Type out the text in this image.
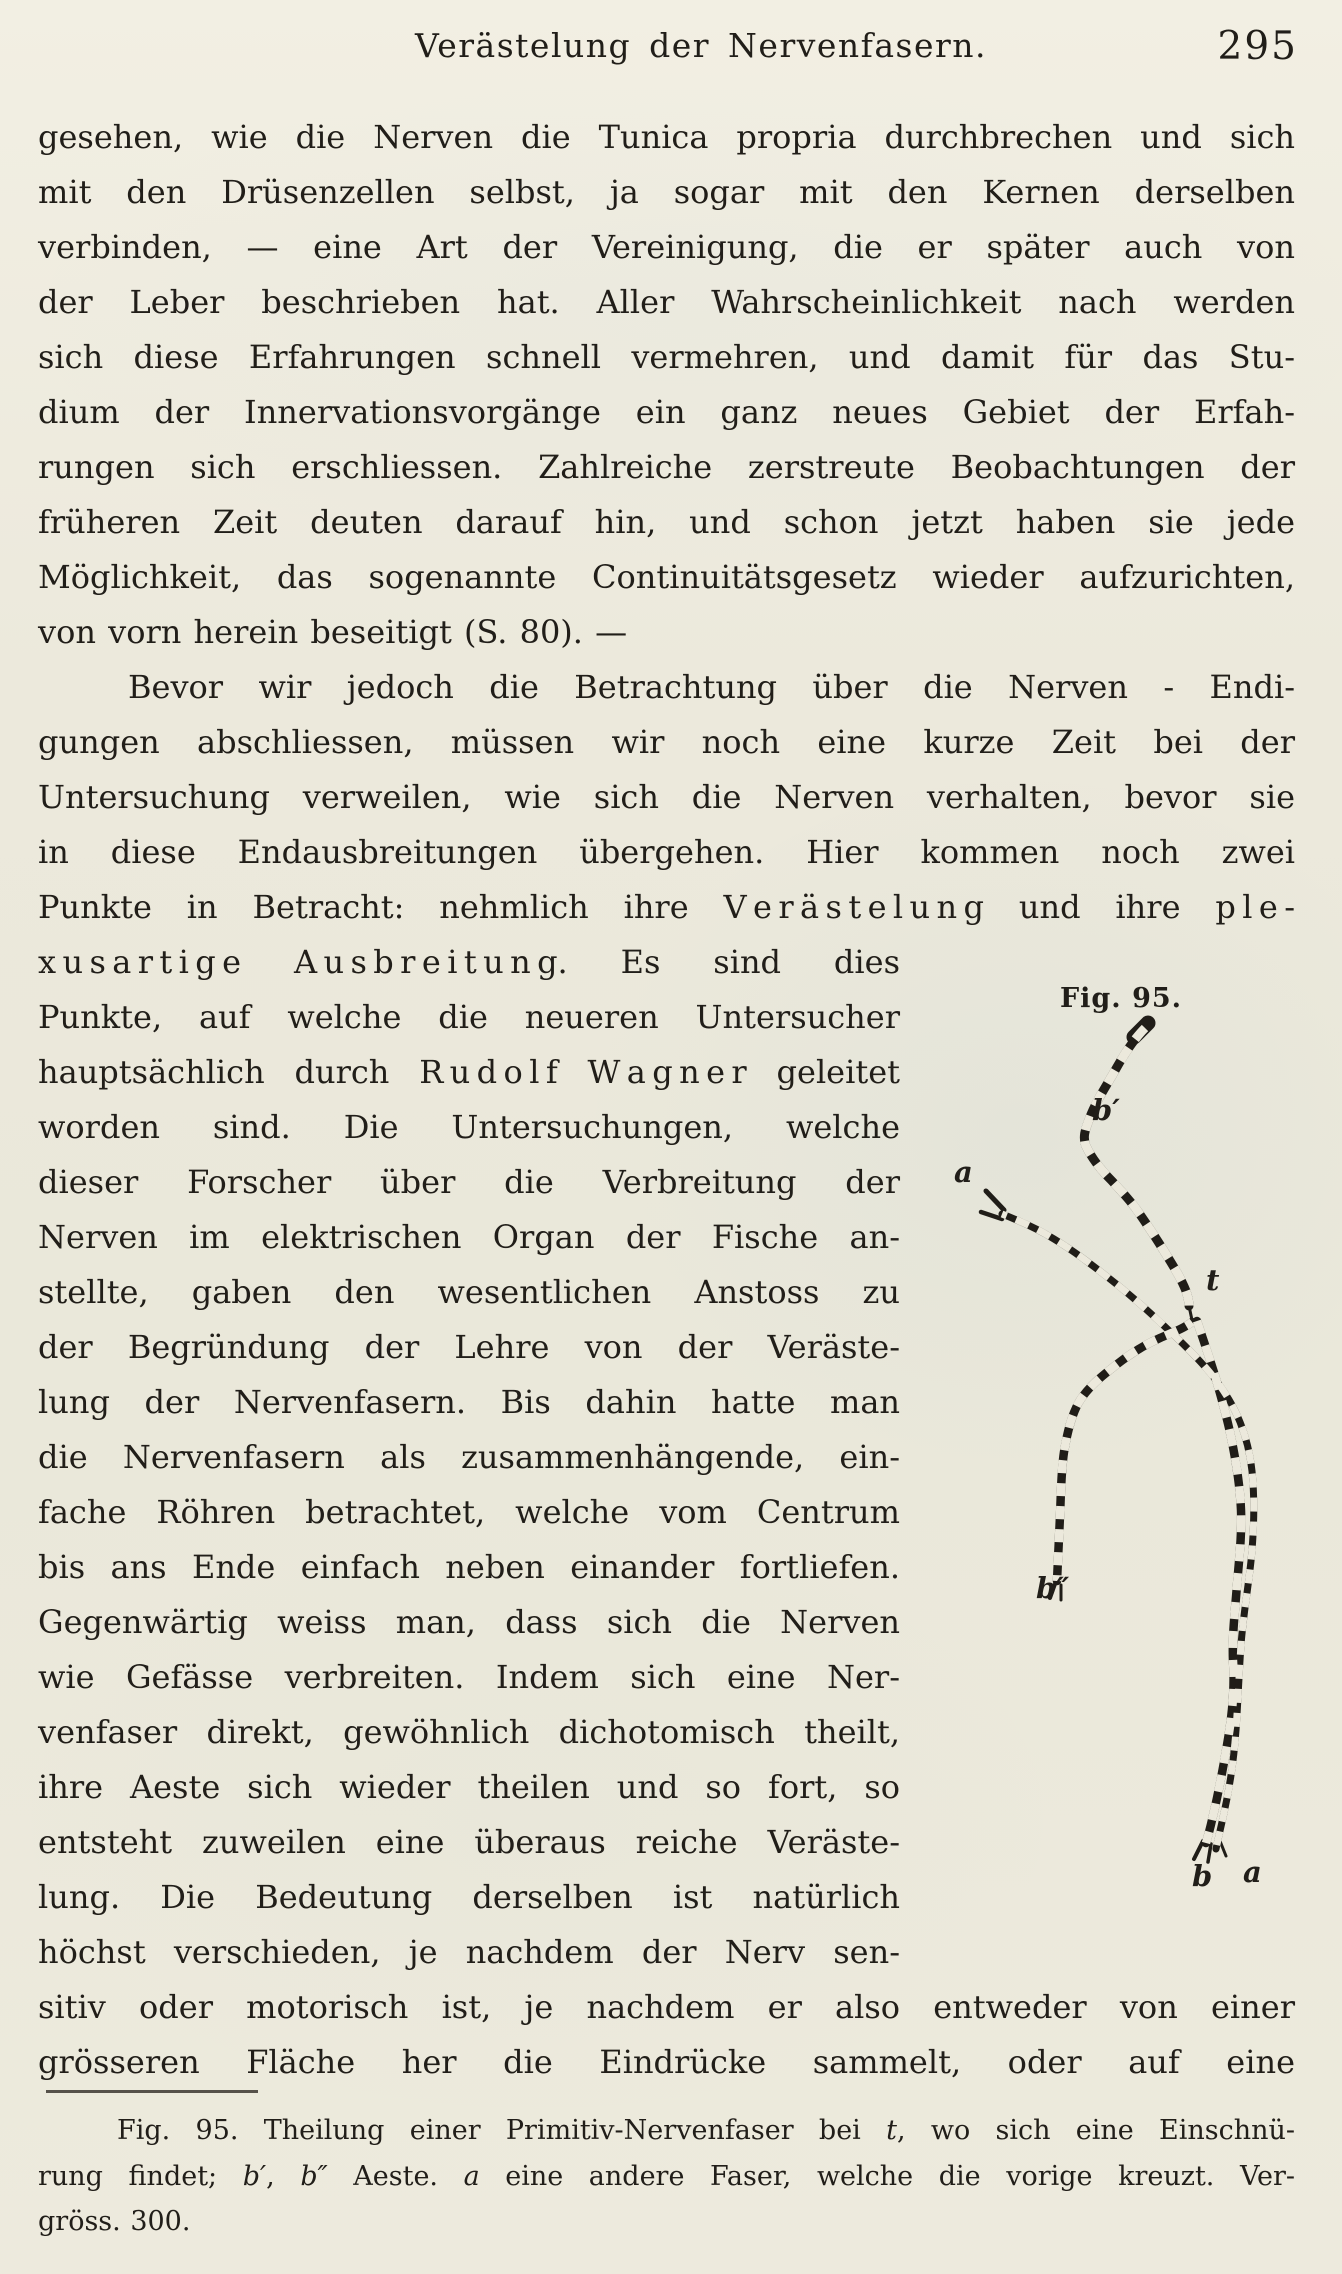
Verästelung der Nervenfasern.	295
gesehen, wie die Nerven die Tunica propria durchbrechen und sich
mit den Drüsenzellen selbst, ja sogar mit den Kernen derselben
verbinden, — eine Art der Vereinigung, die er später auch von
der Leber beschrieben hat. Aller Wahrscheinlichkeit nach werden
sich diese Erfahrungen schnell vermehren, und damit für das Stu-
dium der Innervationsvorgänge ein ganz neues Gebiet der Erfah-
rungen sich erschliessen. Zahlreiche zerstreute Beobachtungen der
früheren Zeit deuten darauf hin, und schon jetzt haben sie jede
Möglichkeit, das sogenannte Continuitätsgesetz wieder aufzurichten,
von vorn herein beseitigt (S. 80). —
Bevor wir jedoch die Betrachtung über die Nerven - Endi-
gungen abschliessen, müssen wir noch eine kurze Zeit bei der
Untersuchung verweilen, wie sich die Nerven verhalten, bevor sie
in diese Endausbreitungen übergehen. Hier kommen noch zwei
Punkte in Betracht: nehmlich ihre V e r ä s t e l u n g und ihre p l e -
x u s a r t i g e A u s b r e i t u n g. Es sind dies
Punkte, auf welche die neueren Untersucher
hauptsächlich durch R u d o l f W a g n e r geleitet
worden sind. Die Untersuchungen, welche
dieser Forscher über die Verbreitung der
Nerven im elektrischen Organ der Fische an-
stellte, gaben den wesentlichen Anstoss zu
der Begründung der Lehre von der Veräste-
lung der Nervenfasern. Bis dahin hatte man
die Nervenfasern als zusammenhängende, ein-
fache Röhren betrachtet, welche vom Centrum
bis ans Ende einfach neben einander fortliefen.
Gegenwärtig weiss man, dass sich die Nerven
wie Gefässe verbreiten. Indem sich eine Ner-
venfaser direkt, gewöhnlich dichotomisch theilt,
ihre Aeste sich wieder theilen und so fort, so
entsteht zuweilen eine überaus reiche Veräste-
lung. Die Bedeutung derselben ist natürlich
höchst verschieden, je nachdem der Nerv sen-
sitiv oder motorisch ist, je nachdem er also entweder von einer
grösseren Fläche her die Eindrücke sammelt, oder auf eine
Fig. 95.
b′
t
a
b″
b a
Fig. 95. Theilung einer Primitiv-Nervenfaser bei t, wo sich eine Einschnü-
rung findet; b′, b″ Aeste. a eine andere Faser, welche die vorige kreuzt. Ver-
gröss. 300.
